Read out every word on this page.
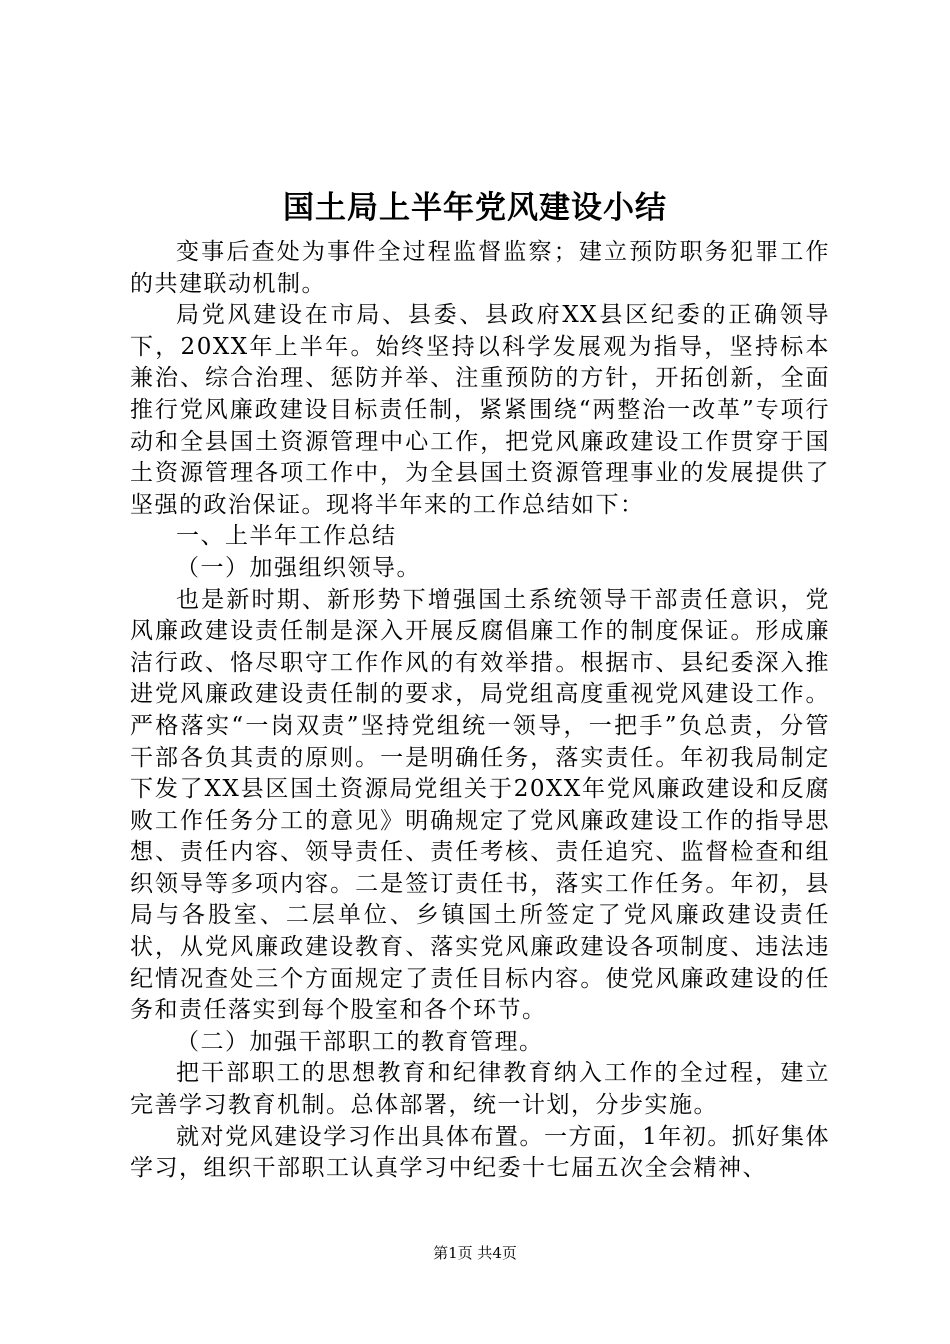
国土局上半年党风建设小结

变事后查处为事件全过程监督监察；建立预防职务犯罪工作的共建联动机制。

局党风建设在市局、县委、县政府XX县区纪委的正确领导下，20XX年上半年。始终坚持以科学发展观为指导，坚持标本兼治、综合治理、惩防并举、注重预防的方针，开拓创新，全面推行党风廉政建设目标责任制，紧紧围绕“两整治一改革”专项行动和全县国土资源管理中心工作，把党风廉政建设工作贯穿于国土资源管理各项工作中，为全县国土资源管理事业的发展提供了坚强的政治保证。现将半年来的工作总结如下：

一、上半年工作总结

（一）加强组织领导。

也是新时期、新形势下增强国土系统领导干部责任意识，党风廉政建设责任制是深入开展反腐倡廉工作的制度保证。形成廉洁行政、恪尽职守工作作风的有效举措。根据市、县纪委深入推进党风廉政建设责任制的要求，局党组高度重视党风建设工作。严格落实“一岗双责”坚持党组统一领导，一把手”负总责，分管干部各负其责的原则。一是明确任务，落实责任。年初我局制定下发了XX县区国土资源局党组关于20XX年党风廉政建设和反腐败工作任务分工的意见》明确规定了党风廉政建设工作的指导思想、责任内容、领导责任、责任考核、责任追究、监督检查和组织领导等多项内容。二是签订责任书，落实工作任务。年初，县局与各股室、二层单位、乡镇国土所签定了党风廉政建设责任状，从党风廉政建设教育、落实党风廉政建设各项制度、违法违纪情况查处三个方面规定了责任目标内容。使党风廉政建设的任务和责任落实到每个股室和各个环节。

（二）加强干部职工的教育管理。

把干部职工的思想教育和纪律教育纳入工作的全过程，建立完善学习教育机制。总体部署，统一计划，分步实施。

就对党风建设学习作出具体布置。一方面，1年初。抓好集体学习，组织干部职工认真学习中纪委十七届五次全会精神、

第1页 共4页
